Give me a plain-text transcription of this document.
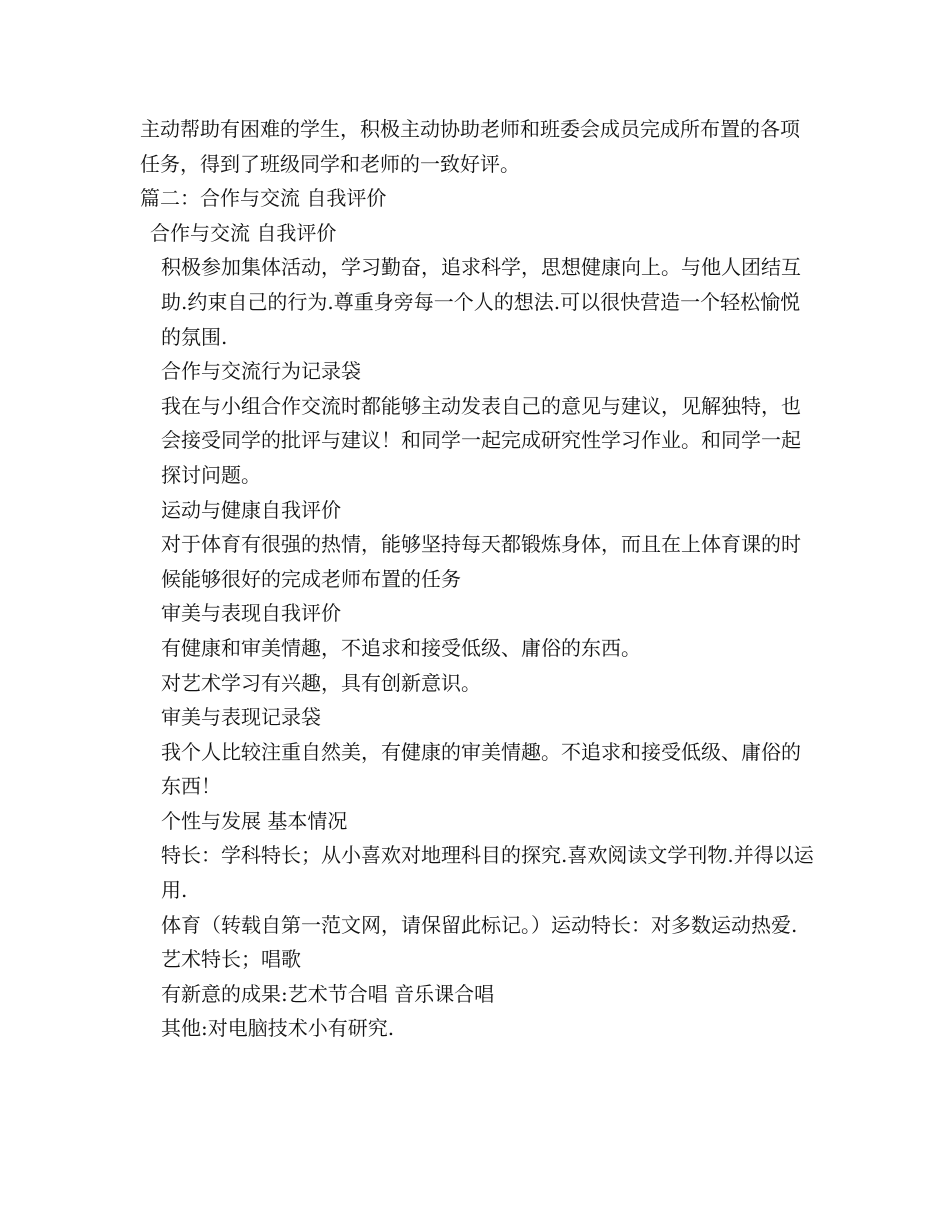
主动帮助有困难的学生，积极主动协助老师和班委会成员完成所布置的各项任务，得到了班级同学和老师的一致好评。

篇二：合作与交流 自我评价

合作与交流 自我评价

积极参加集体活动，学习勤奋，追求科学，思想健康向上。与他人团结互助.约束自己的行为.尊重身旁每一个人的想法.可以很快营造一个轻松愉悦的氛围.

合作与交流行为记录袋

我在与小组合作交流时都能够主动发表自己的意见与建议，见解独特，也会接受同学的批评与建议！和同学一起完成研究性学习作业。和同学一起探讨问题。

运动与健康自我评价

对于体育有很强的热情，能够坚持每天都锻炼身体，而且在上体育课的时候能够很好的完成老师布置的任务

审美与表现自我评价

有健康和审美情趣，不追求和接受低级、庸俗的东西。

对艺术学习有兴趣，具有创新意识。

审美与表现记录袋

我个人比较注重自然美，有健康的审美情趣。不追求和接受低级、庸俗的东西！

个性与发展 基本情况

特长：学科特长；从小喜欢对地理科目的探究.喜欢阅读文学刊物.并得以运用.

体育（转载自第一范文网，请保留此标记。）运动特长：对多数运动热爱.

艺术特长；唱歌

有新意的成果:艺术节合唱 音乐课合唱

其他:对电脑技术小有研究.
